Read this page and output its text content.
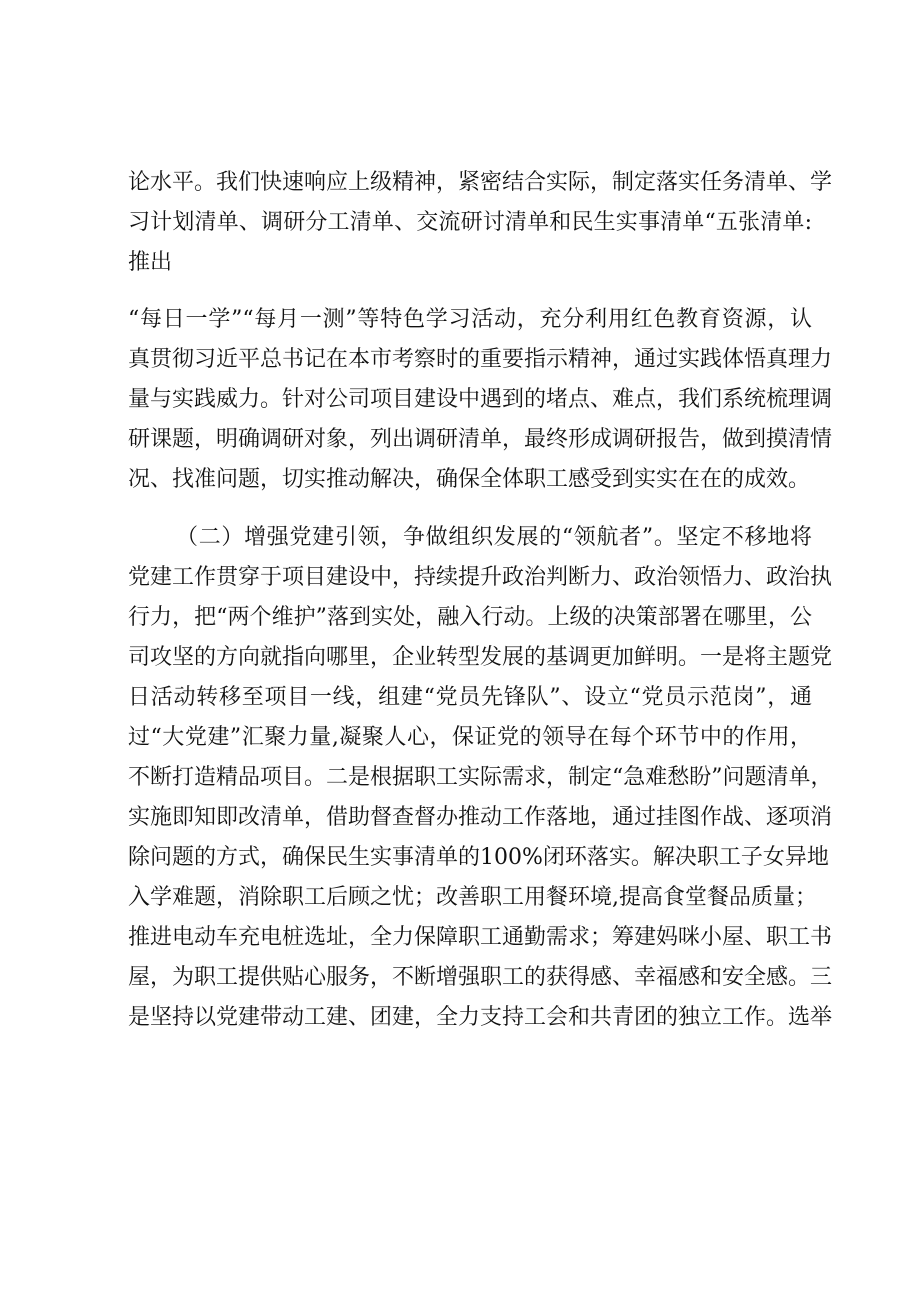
论水平。我们快速响应上级精神，紧密结合实际，制定落实任务清单、学
习计划清单、调研分工清单、交流研讨清单和民生实事清单“五张清单:
推出
“每日一学”“每月一测”等特色学习活动，充分利用红色教育资源，认
真贯彻习近平总书记在本市考察时的重要指示精神，通过实践体悟真理力
量与实践威力。针对公司项目建设中遇到的堵点、难点，我们系统梳理调
研课题，明确调研对象，列出调研清单，最终形成调研报告，做到摸清情
况、找准问题，切实推动解决，确保全体职工感受到实实在在的成效。
（二）增强党建引领，争做组织发展的“领航者”。坚定不移地将
党建工作贯穿于项目建设中，持续提升政治判断力、政治领悟力、政治执
行力，把“两个维护”落到实处，融入行动。上级的决策部署在哪里，公
司攻坚的方向就指向哪里，企业转型发展的基调更加鲜明。一是将主题党
日活动转移至项目一线，组建“党员先锋队”、设立“党员示范岗”，通
过“大党建”汇聚力量,凝聚人心，保证党的领导在每个环节中的作用，
不断打造精品项目。二是根据职工实际需求，制定“急难愁盼”问题清单，
实施即知即改清单，借助督查督办推动工作落地，通过挂图作战、逐项消
除问题的方式，确保民生实事清单的100%闭环落实。解决职工子女异地
入学难题，消除职工后顾之忧；改善职工用餐环境,提高食堂餐品质量；
推进电动车充电桩选址，全力保障职工通勤需求；筹建妈咪小屋、职工书
屋，为职工提供贴心服务，不断增强职工的获得感、幸福感和安全感。三
是坚持以党建带动工建、团建，全力支持工会和共青团的独立工作。选举
